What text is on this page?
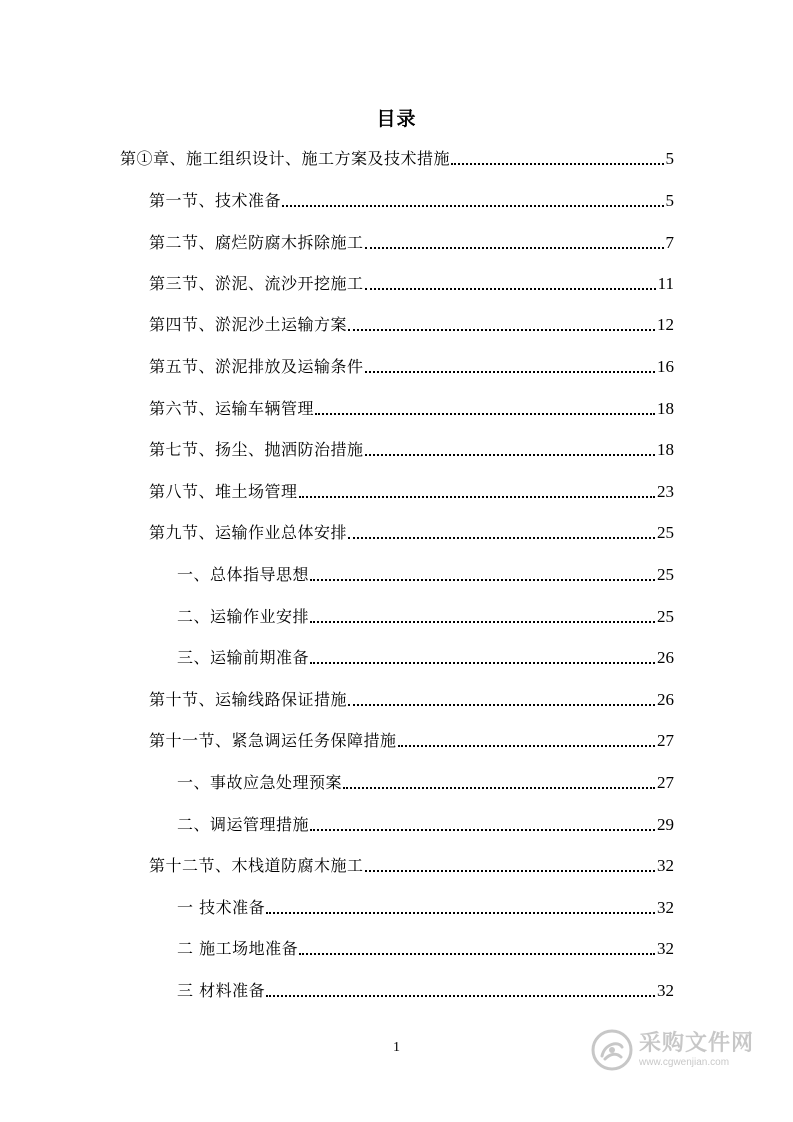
目录
第①章、施工组织设计、施工方案及技术措施	5
第一节、技术准备	5
第二节、腐烂防腐木拆除施工	7
第三节、淤泥、流沙开挖施工	11
第四节、淤泥沙土运输方案	12
第五节、淤泥排放及运输条件	16
第六节、运输车辆管理	18
第七节、扬尘、抛洒防治措施	18
第八节、堆土场管理	23
第九节、运输作业总体安排	25
一、总体指导思想	25
二、运输作业安排	25
三、运输前期准备	26
第十节、运输线路保证措施	26
第十一节、紧急调运任务保障措施	27
一、事故应急处理预案	27
二、调运管理措施	29
第十二节、木栈道防腐木施工	32
一 技术准备	32
二 施工场地准备	32
三 材料准备	32
1	采购文件网
www.cgwenjian.com
